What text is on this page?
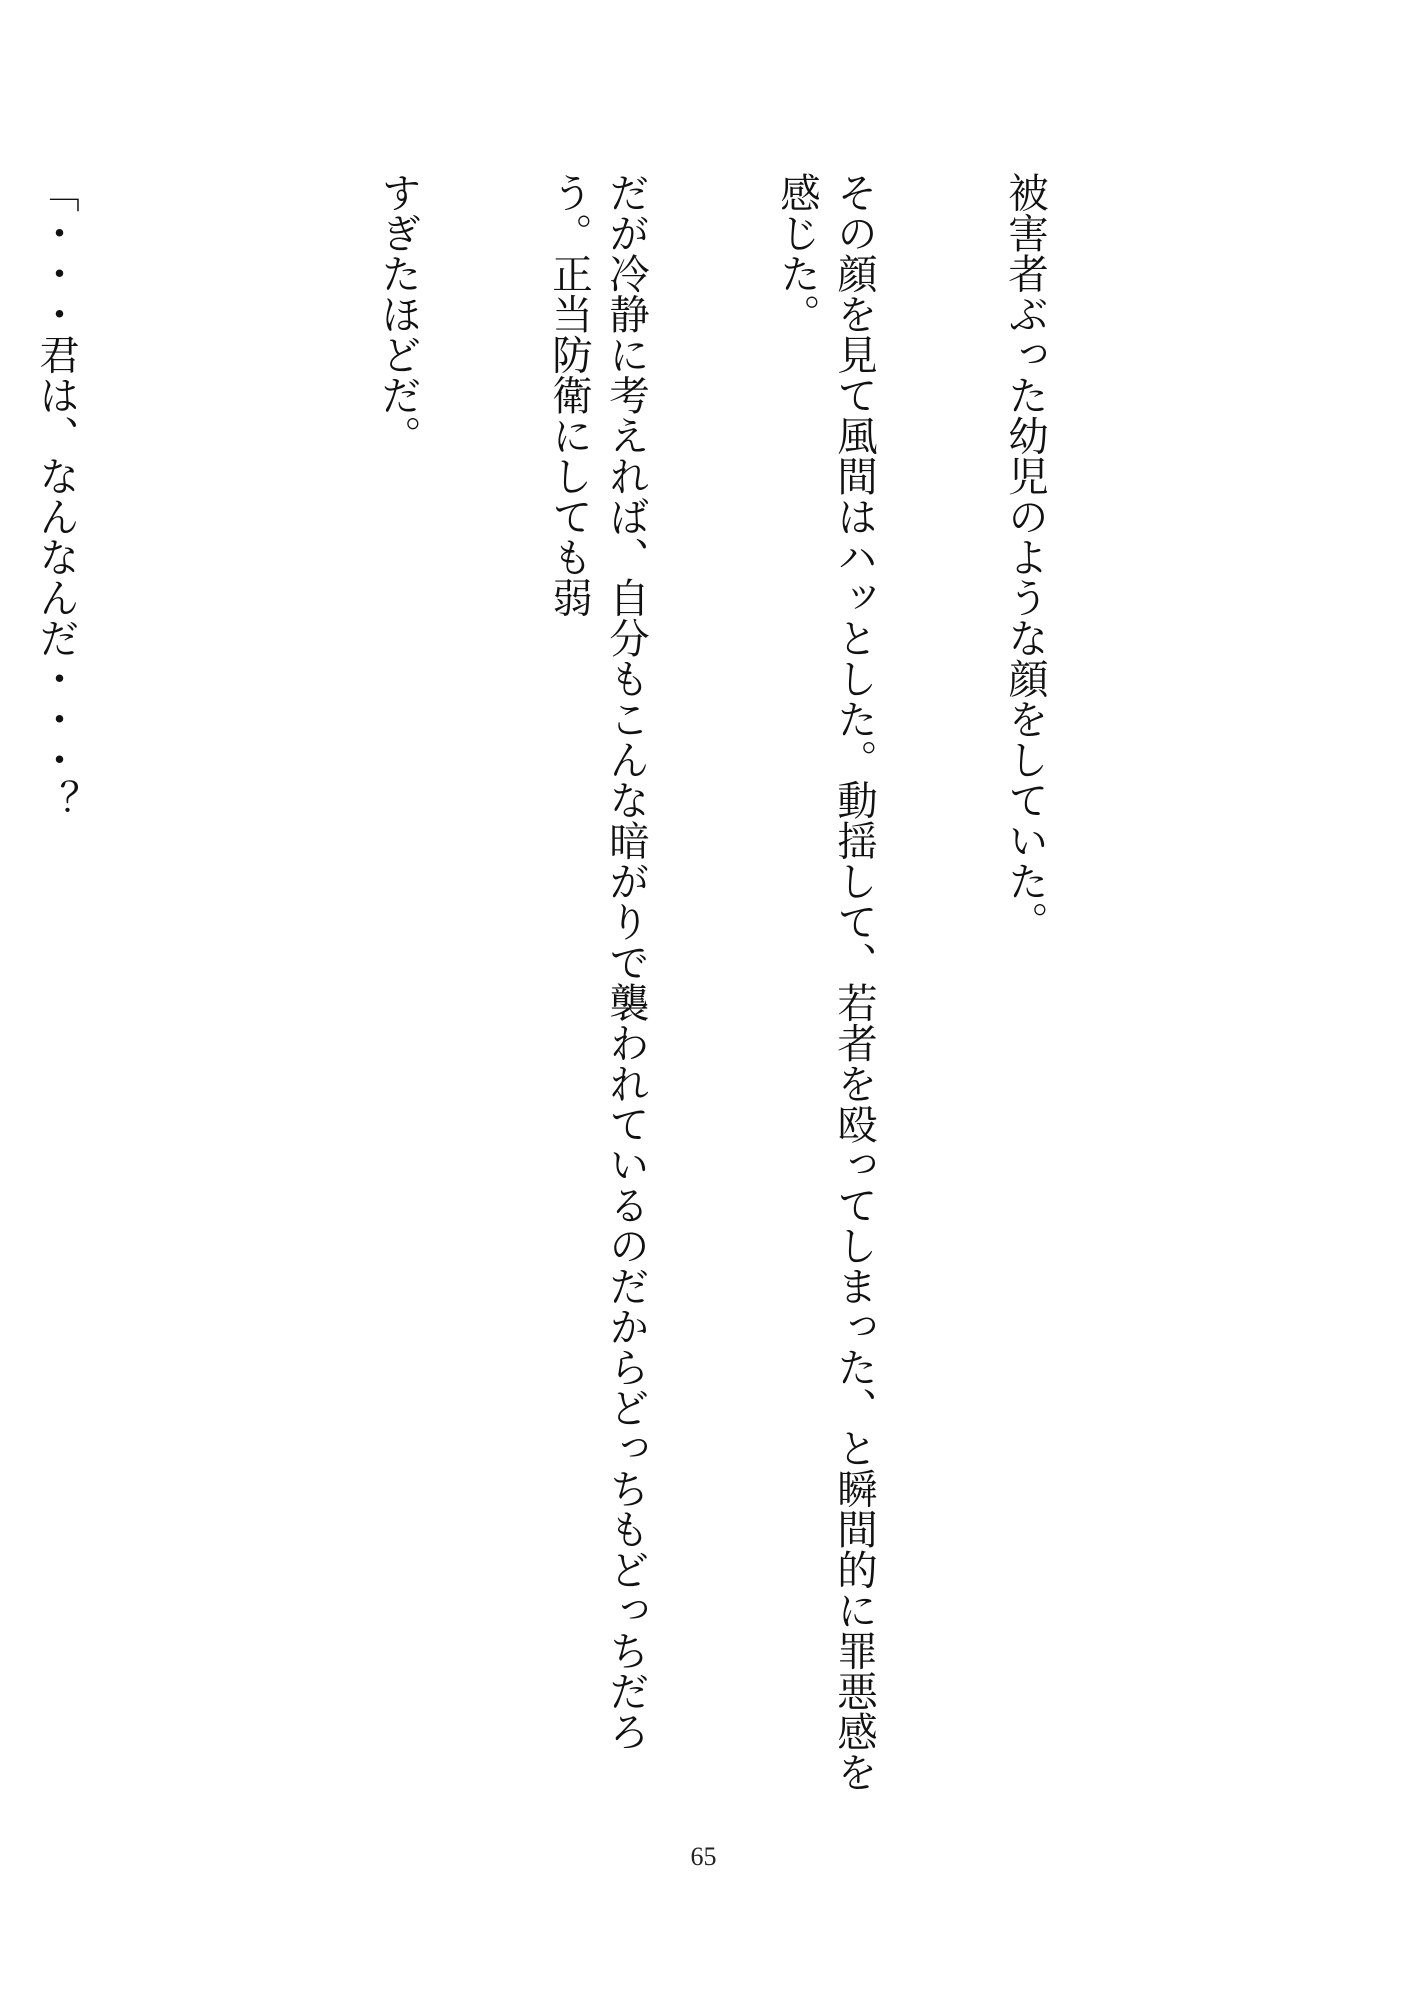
被害者ぶった幼児のような顔をしていた。

その顔を見て風間はハッとした。動揺して、若者を殴ってしまった、と瞬間的に罪悪感を感じた。

だが冷静に考えれば、自分もこんな暗がりで襲われているのだからどっちもどっちだろう。正当防衛にしても弱

すぎたほどだ。

「・・・君は、なんなんだ・・・？

65
